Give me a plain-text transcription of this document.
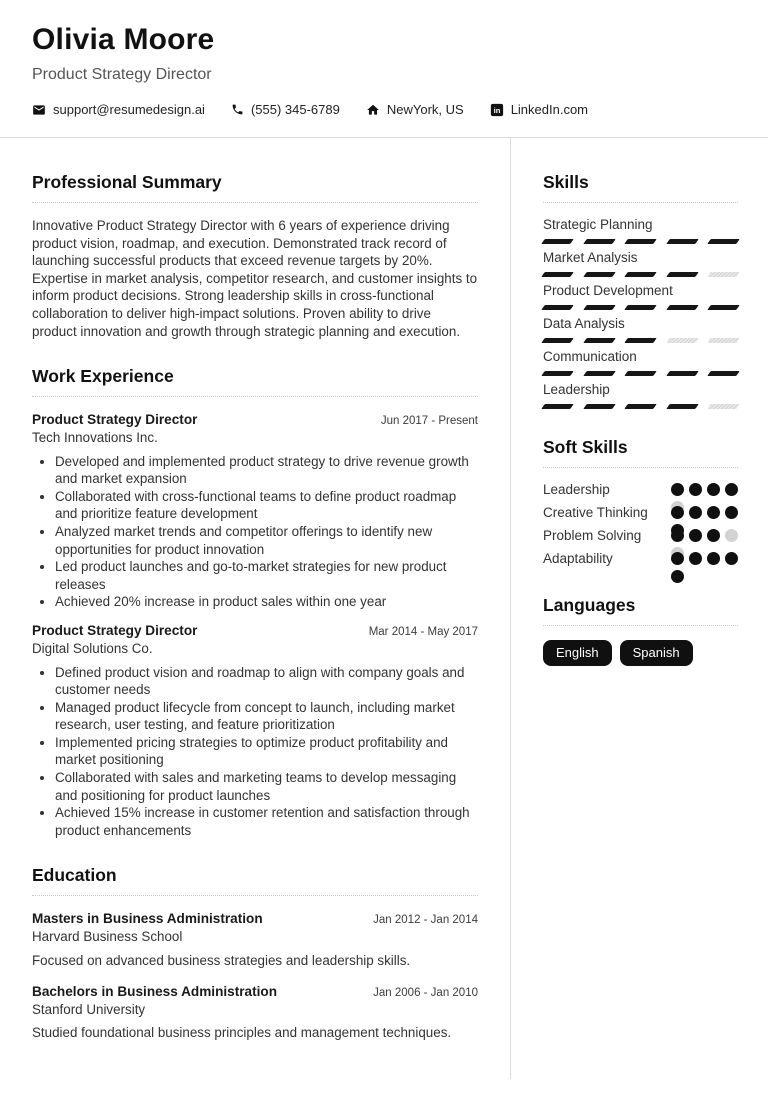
Olivia Moore
Product Strategy Director
support@resumedesign.ai	(555) 345-6789	NewYork, US in LinkedIn.com
Professional Summary

Innovative Product Strategy Director with 6 years of experience driving product vision, roadmap, and execution. Demonstrated track record of launching successful products that exceed revenue targets by 20%. Expertise in market analysis, competitor research, and customer insights to inform product decisions. Strong leadership skills in cross-functional collaboration to deliver high-impact solutions. Proven ability to drive product innovation and growth through strategic planning and execution.

Work Experience
Product Strategy Director	Jun 2017 - Present
Tech Innovations Inc.
• Developed and implemented product strategy to drive revenue growth and market expansion
• Collaborated with cross-functional teams to define product roadmap and prioritize feature development
• Analyzed market trends and competitor offerings to identify new opportunities for product innovation
• Led product launches and go-to-market strategies for new product releases
• Achieved 20% increase in product sales within one year
Product Strategy Director	Mar 2014 - May 2017
Digital Solutions Co.
• Defined product vision and roadmap to align with company goals and customer needs
• Managed product lifecycle from concept to launch, including market research, user testing, and feature prioritization
• Implemented pricing strategies to optimize product profitability and market positioning
• Collaborated with sales and marketing teams to develop messaging and positioning for product launches
• Achieved 15% increase in customer retention and satisfaction through product enhancements
Education
Masters in Business Administration	Jan 2012 - Jan 2014
Harvard Business School

Focused on advanced business strategies and leadership skills.

Bachelors in Business Administration	Jan 2006 - Jan 2010
Stanford University

Studied foundational business principles and management techniques.

Skills
Strategic Planning
Market Analysis
Product Development
Data Analysis
Communication
Leadership
Soft Skills
Leadership
Creative Thinking
Problem Solving
Adaptability
Languages
English	Spanish
